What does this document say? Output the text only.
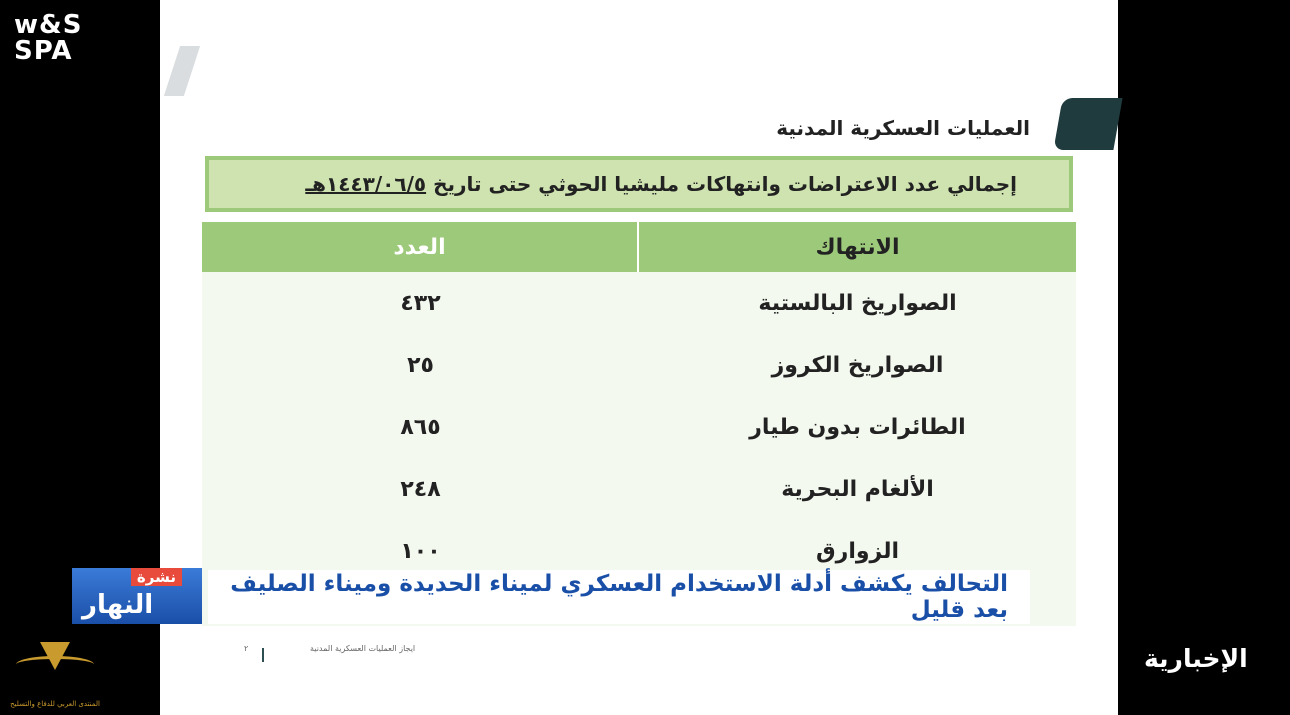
w&S
SPA
العمليات العسكرية المدنية
إجمالي عدد الاعتراضات وانتهاكات مليشيا الحوثي حتى تاريخ ١٤٤٣/٠٦/٥هـ
العدد	الانتهاك
٤٣٢	الصواريخ البالستية
٢٥	الصواريخ الكروز
٨٦٥	الطائرات بدون طيار
٢٤٨	الألغام البحرية
١٠٠	الزوارق
نشرة
النهار
التحالف يكشف أدلة الاستخدام العسكري لميناء الحديدة وميناء الصليف بعد قليل
٢	ايجاز العمليات العسكرية المدنية	الإخبارية
المنتدى العربي للدفاع والتسليح
